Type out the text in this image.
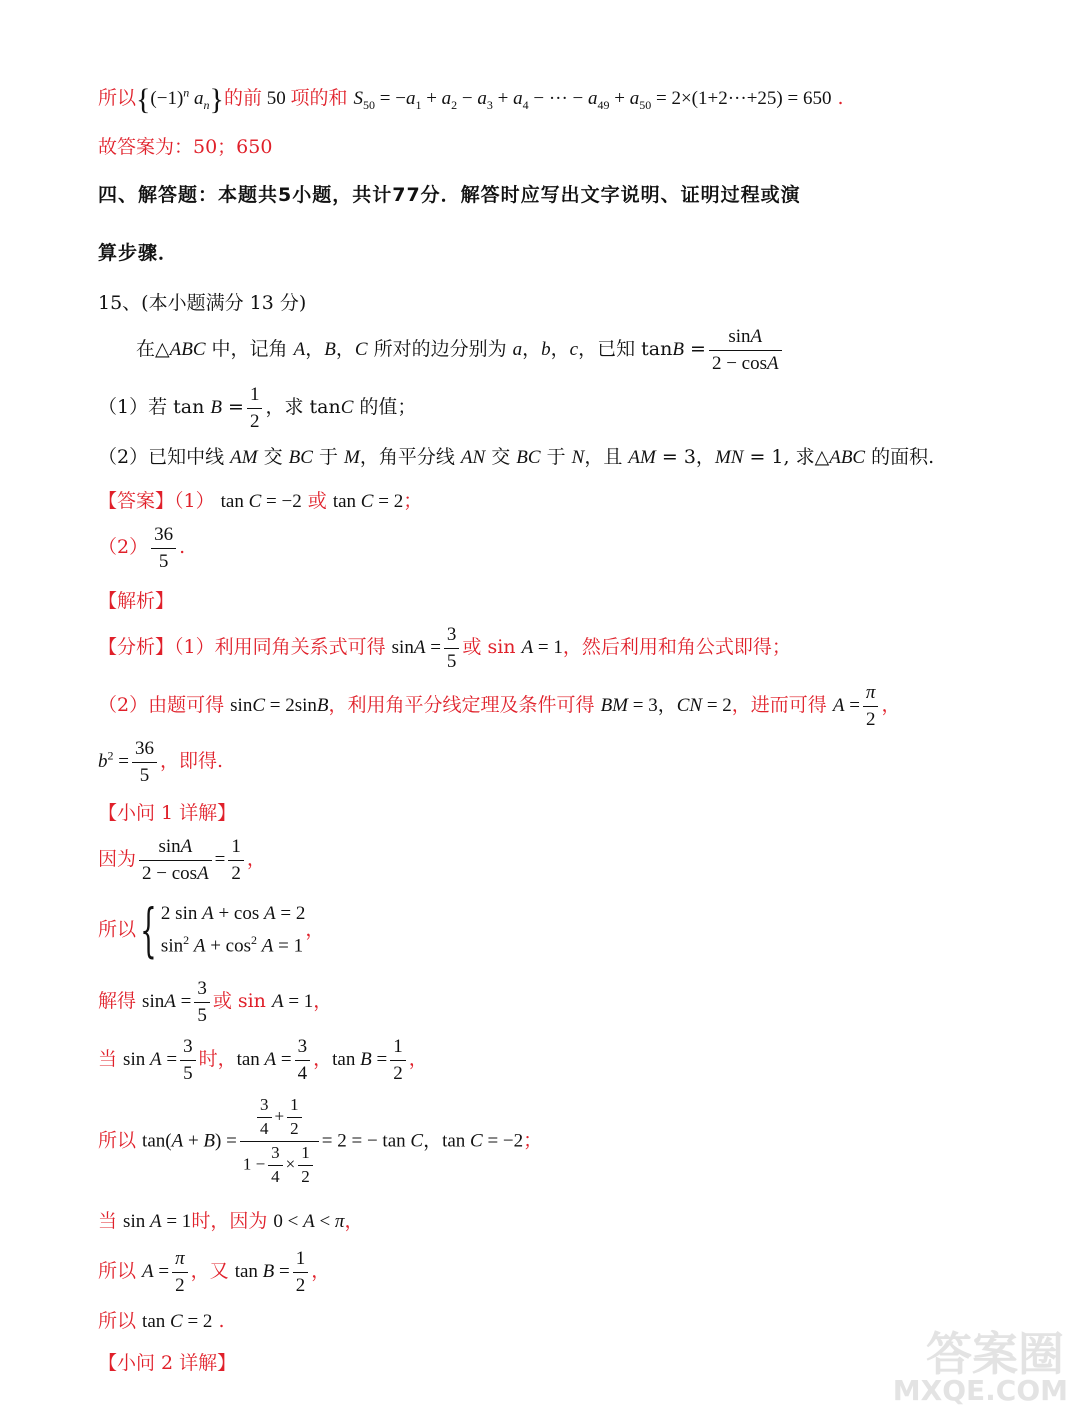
所以{$(-1)^n$ $a_n$}的前 50 项的和 $S_{50} = -a_1 + a_2 - a_3 + a_4$ − ··· − $a_{49} + a_{50} = 2\times(1+2\cdot\cdot\cdot+25) = 650$ .
故答案为：50；650
四、解答题：本题共5小题，共计77分．解答时应写出文字说明、证明过程或演
算步骤．
15、(本小题满分 13 分)
在△ABC 中，记角 A，B，C 所对的边分别为 a，b，c，已知 $\tan B = \frac{\sin A}{2 - \cos A}$
（1）若 $\tan B = \frac{1}{2}$ ，求 tanC 的值；
（2）已知中线 AM 交 BC 于 M，角平分线 AN 交 BC 于 N，且 AM = 3，MN = 1, 求△ABC 的面积.
【答案】（1） tan C = −2 或 tan C = 2；
$(2) \frac{36}{5}$ .
【解析】
【分析】（1）利用同角关系式可得 $\sin A = \frac{3}{5}$ 或 sin A = 1，然后利用和角公式即得；
（2）由题可得 sinC = 2sinB，利用角平分线定理及条件可得 BM = 3，CN = 2，进而可得 $A = \frac{\pi}{2}$ ，
$b^2 = \frac{36}{5}$ ，即得.
【小问 1 详解】
因为 $\frac{\sin A}{2 - \cos A} = \frac{1}{2}$ ，
所以{ 2 sin A + cos A = 2
$\sin^2 A + \cos^2 A = 1$
，
解得 $\sin A = \frac{3}{5}$ 或 sin A = 1，
当 $\sin A = \frac{3}{5}$ 时，$\tan A = \frac{3}{4}$ ，$\tan B = \frac{1}{2}$ ，
所以 $\tan(A + B) = \frac{\frac{3}{4} + \frac{1}{2}}{1 - \frac{3}{4} \times \frac{1}{2}} = 2$ = − tan C，tan C = −2；
当 sin A = 1时，因为 0 < A < π，
所以 $A = \frac{\pi}{2}$ ，又 $\tan B = \frac{1}{2}$ ，
所以 tan C = 2 .
【小问 2 详解】	答案圈
MXQE.COM
